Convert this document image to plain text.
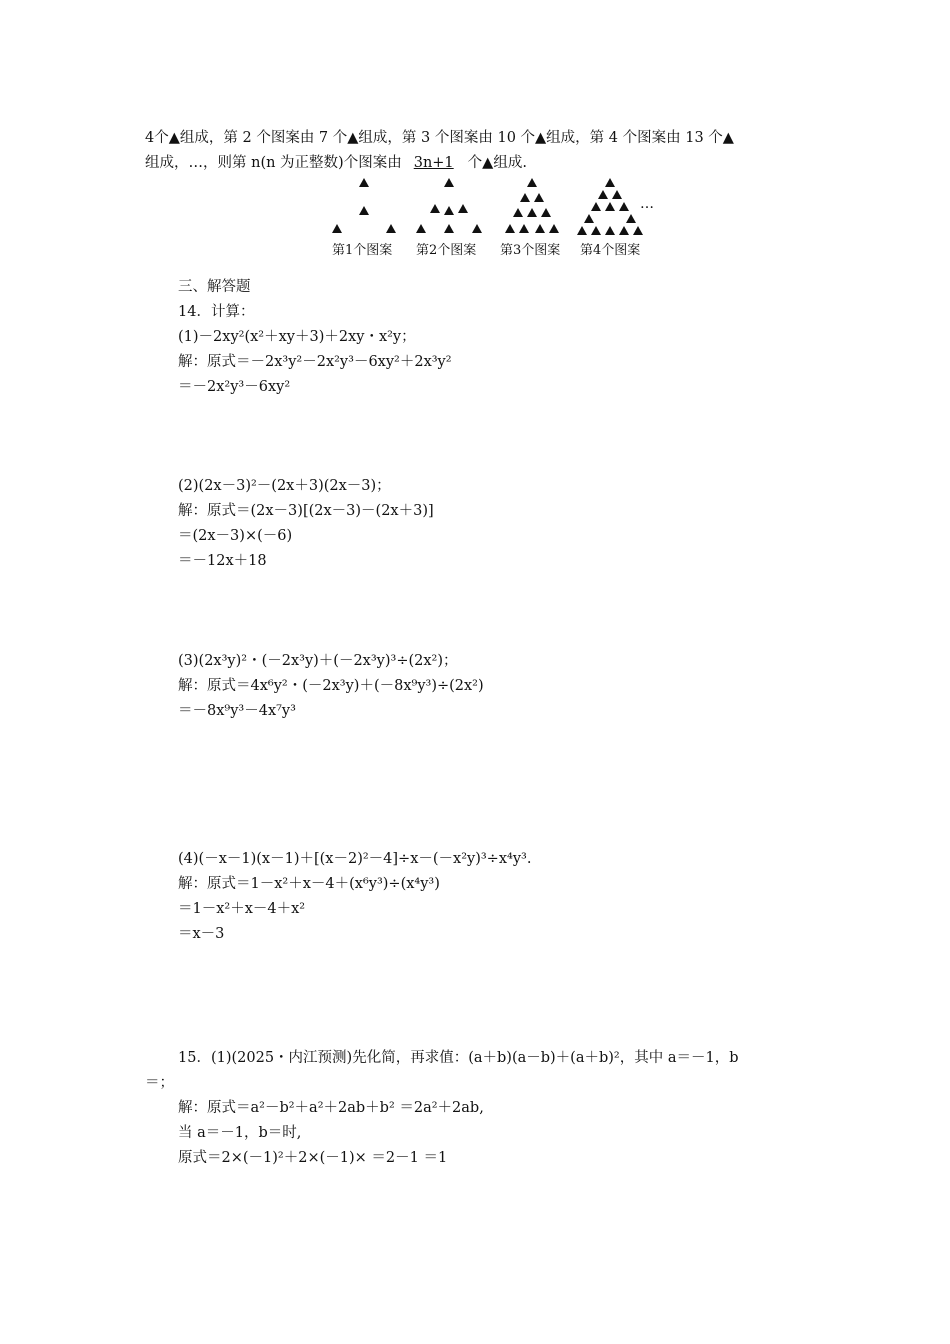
4个▲组成，第 2 个图案由 7 个▲组成，第 3 个图案由 10 个▲组成，第 4 个图案由 13 个▲
组成，…，则第 n(n 为正整数)个图案由 3n+1 个▲组成.
…
第1个图案 第2个图案 第3个图案 第4个图案
三、解答题
14．计算：
(1)－2xy²(x²＋xy＋3)＋2xy・x²y；
解：原式＝－2x³y²－2x²y³－6xy²＋2x³y²
＝－2x²y³－6xy²
(2)(2x－3)²－(2x＋3)(2x－3)；
解：原式＝(2x－3)[(2x－3)－(2x＋3)]
＝(2x－3)×(－6)
＝－12x＋18
(3)(2x³y)²・(－2x³y)＋(－2x³y)³÷(2x²)；
解：原式＝4x⁶y²・(－2x³y)＋(－8x⁹y³)÷(2x²)
＝－8x⁹y³－4x⁷y³
(4)(－x－1)(x－1)＋[(x－2)²－4]÷x－(－x²y)³÷x⁴y³.
解：原式＝1－x²＋x－4＋(x⁶y³)÷(x⁴y³)
＝1－x²＋x－4＋x²
＝x－3
15．(1)(2025・内江预测)先化简，再求值：(a＋b)(a－b)＋(a＋b)²，其中 a＝－1，b
＝；
解：原式＝a²－b²＋a²＋2ab＋b² ＝2a²＋2ab,
当 a＝－1，b＝时,
原式＝2×(－1)²＋2×(－1)× ＝2－1 ＝1
